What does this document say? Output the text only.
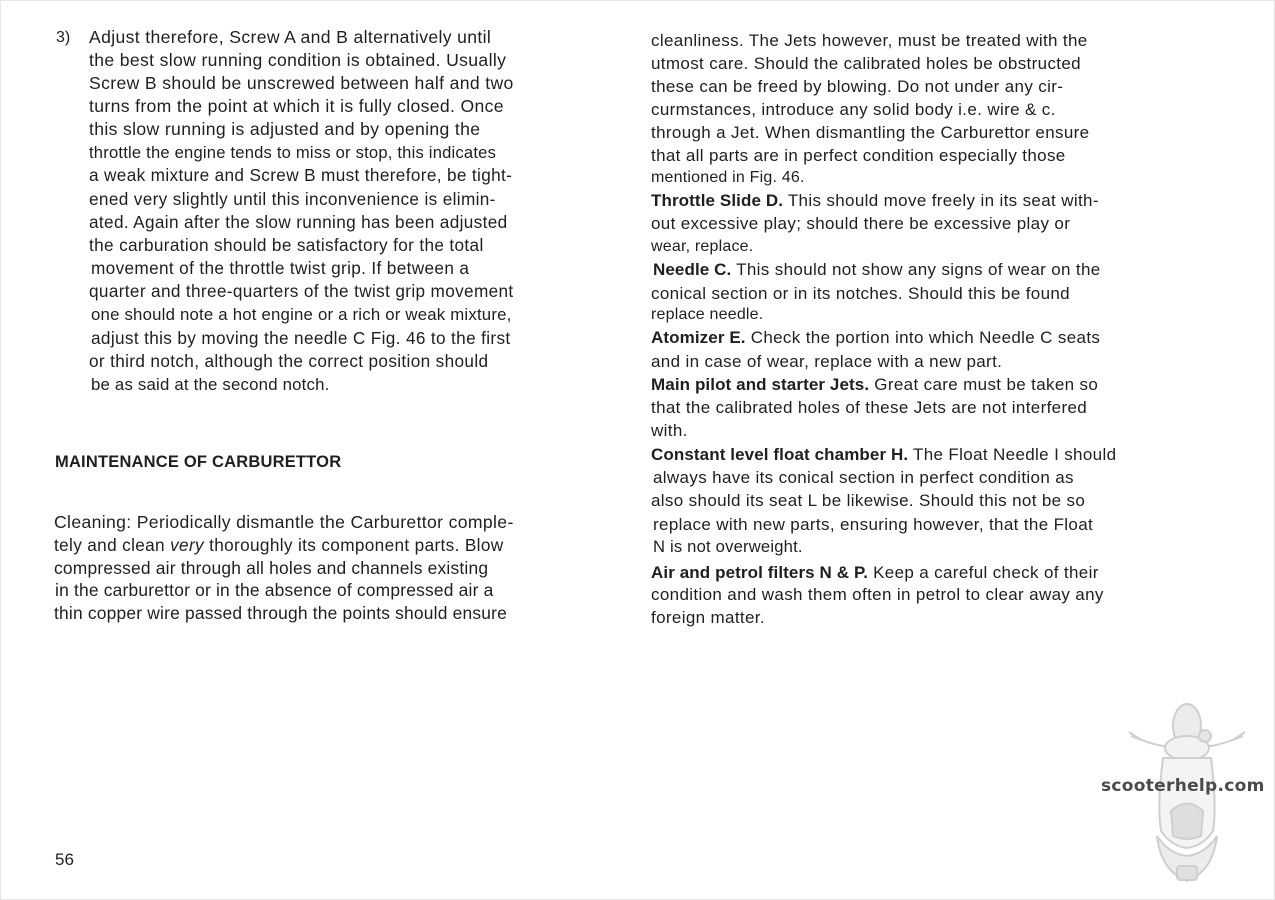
3) Adjust therefore, Screw A and B alternatively until
the best slow running condition is obtained. Usually
Screw B should be unscrewed between half and two
turns from the point at which it is fully closed. Once
this slow running is adjusted and by opening the
throttle the engine tends to miss or stop, this indicates
a weak mixture and Screw B must therefore, be tight-
ened very slightly until this inconvenience is elimin-
ated. Again after the slow running has been adjusted
the carburation should be satisfactory for the total
movement of the throttle twist grip. If between a
quarter and three-quarters of the twist grip movement
one should note a hot engine or a rich or weak mixture,
adjust this by moving the needle C Fig. 46 to the first
or third notch, although the correct position should
be as said at the second notch.
MAINTENANCE OF CARBURETTOR
Cleaning: Periodically dismantle the Carburettor comple-
tely and clean very thoroughly its component parts. Blow
compressed air through all holes and channels existing
in the carburettor or in the absence of compressed air a
thin copper wire passed through the points should ensure
56
cleanliness. The Jets however, must be treated with the
utmost care. Should the calibrated holes be obstructed
these can be freed by blowing. Do not under any cir-
curmstances, introduce any solid body i.e. wire & c.
through a Jet. When dismantling the Carburettor ensure
that all parts are in perfect condition especially those
mentioned in Fig. 46.
Throttle Slide D. This should move freely in its seat with-
out excessive play; should there be excessive play or
wear, replace.
Needle C. This should not show any signs of wear on the
conical section or in its notches. Should this be found
replace needle.
Atomizer E. Check the portion into which Needle C seats
and in case of wear, replace with a new part.
Main pilot and starter Jets. Great care must be taken so
that the calibrated holes of these Jets are not interfered
with.
Constant level float chamber H. The Float Needle I should
always have its conical section in perfect condition as
also should its seat L be likewise. Should this not be so
replace with new parts, ensuring however, that the Float
N is not overweight.
Air and petrol filters N & P. Keep a careful check of their
condition and wash them often in petrol to clear away any
foreign matter.
scooterhelp.com
